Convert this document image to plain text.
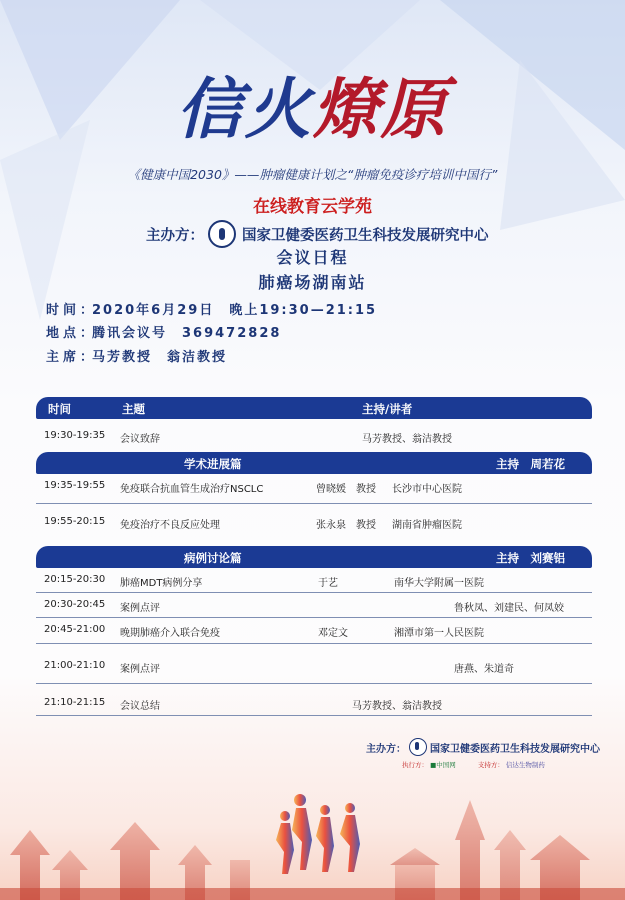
信火燎原
《健康中国2030》——肿瘤健康计划之“肿瘤免疫诊疗培训中国行”
在线教育云学苑
主办方：	国家卫健委医药卫生科技发展研究中心
会议日程
肺癌场湖南站
时间：2020年6月29日　晚上19:30—21:15
地点：腾讯会议号　369472828
主席：马芳教授　翁洁教授
时间	主题	主持/讲者
19:30-19:35 会议致辞	马芳教授、翁洁教授
学术进展篇	主持　周若花
19:35-19:55 免疫联合抗血管生成治疗NSCLC	曾晓媛　教授 长沙市中心医院
19:55-20:15 免疫治疗不良反应处理	张永泉　教授 湖南省肿瘤医院
病例讨论篇	主持　刘赛铝
20:15-20:30 肺癌MDT病例分享	于艺	南华大学附属一医院
20:30-20:45 案例点评	鲁秋凤、刘建民、何凤姣
20:45-21:00 晚期肺癌介入联合免疫	邓定文	湘潭市第一人民医院
21:00-21:10 案例点评	唐燕、朱道奇
21:10-21:15 会议总结	马芳教授、翁洁教授
主办方： 国家卫健委医药卫生科技发展研究中心
执行方： ■中国网	支持方： 信达生物制药
